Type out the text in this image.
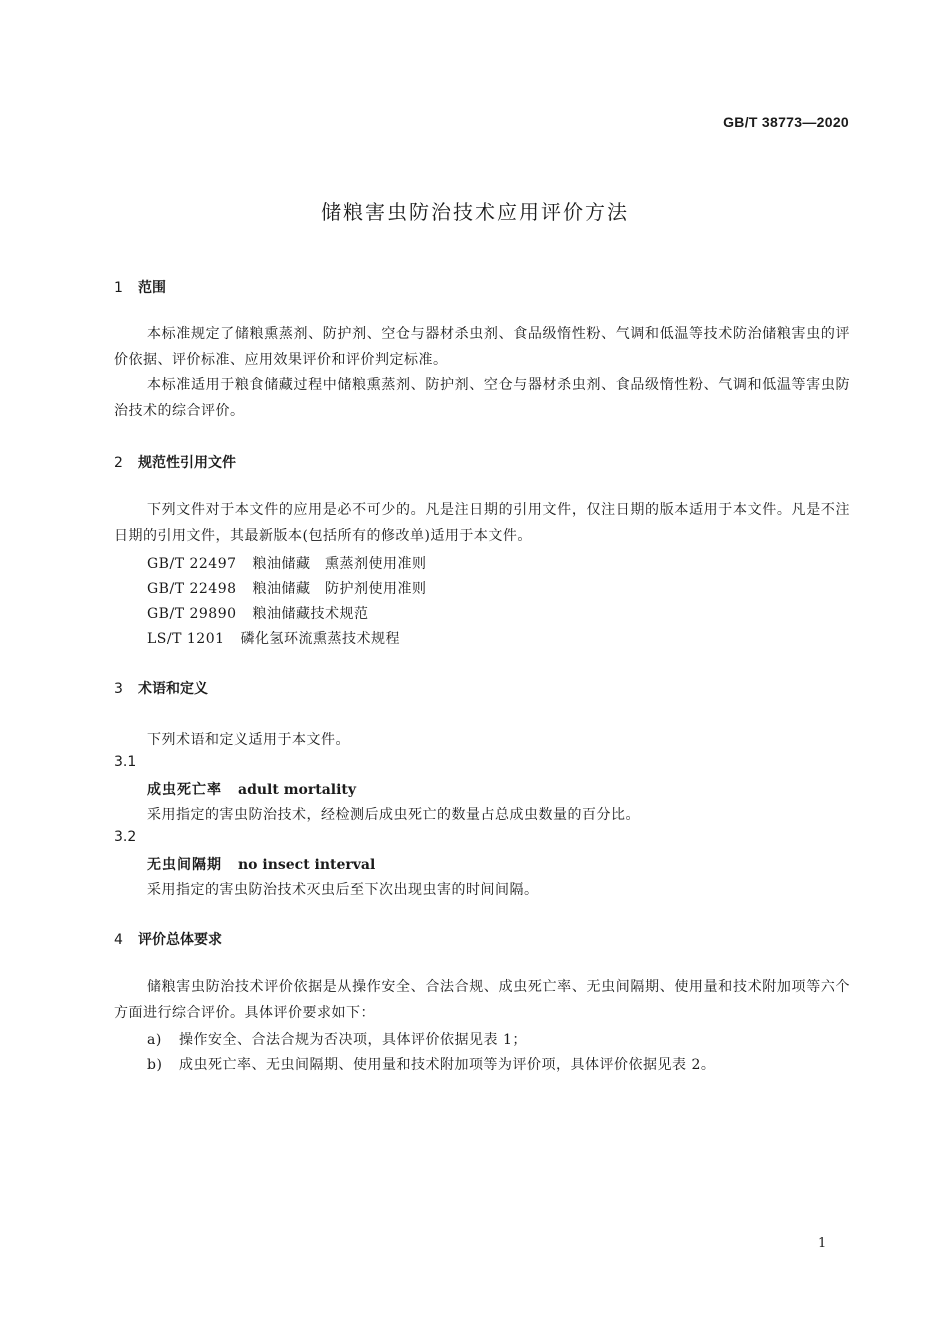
GB/T 38773—2020
储粮害虫防治技术应用评价方法
1 范围
本标准规定了储粮熏蒸剂、防护剂、空仓与器材杀虫剂、食品级惰性粉、气调和低温等技术防治储粮害虫的评价依据、评价标准、应用效果评价和评价判定标准。
本标准适用于粮食储藏过程中储粮熏蒸剂、防护剂、空仓与器材杀虫剂、食品级惰性粉、气调和低温等害虫防治技术的综合评价。
2 规范性引用文件
下列文件对于本文件的应用是必不可少的。凡是注日期的引用文件，仅注日期的版本适用于本文件。凡是不注日期的引用文件，其最新版本(包括所有的修改单)适用于本文件。
GB/T 22497 粮油储藏　熏蒸剂使用准则
GB/T 22498 粮油储藏　防护剂使用准则
GB/T 29890 粮油储藏技术规范
LS/T 1201 磷化氢环流熏蒸技术规程
3 术语和定义
下列术语和定义适用于本文件。
3.1
成虫死亡率 adult mortality
采用指定的害虫防治技术，经检测后成虫死亡的数量占总成虫数量的百分比。
3.2
无虫间隔期 no insect interval
采用指定的害虫防治技术灭虫后至下次出现虫害的时间间隔。
4 评价总体要求
储粮害虫防治技术评价依据是从操作安全、合法合规、成虫死亡率、无虫间隔期、使用量和技术附加项等六个方面进行综合评价。具体评价要求如下：
a) 操作安全、合法合规为否决项，具体评价依据见表 1；
b) 成虫死亡率、无虫间隔期、使用量和技术附加项等为评价项，具体评价依据见表 2。
1
